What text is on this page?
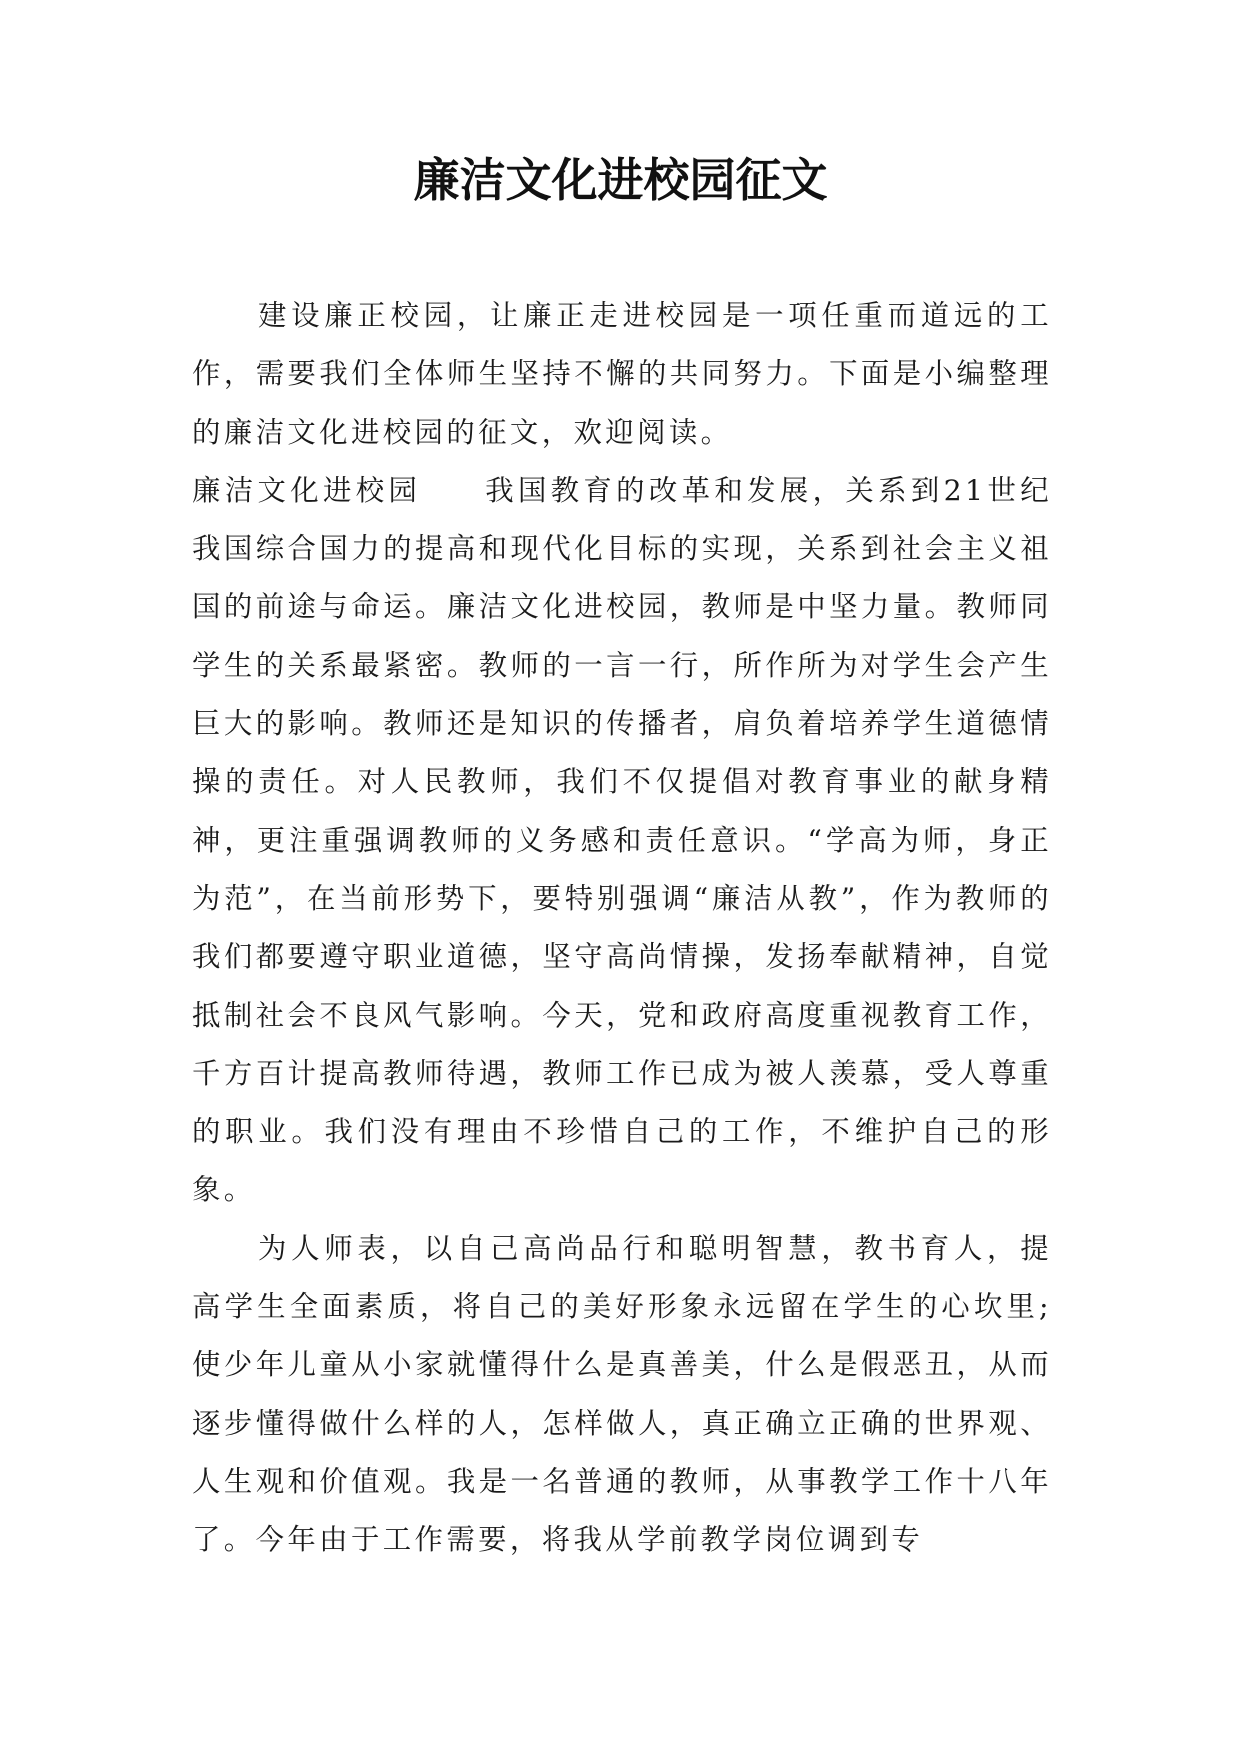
廉洁文化进校园征文

建设廉正校园，让廉正走进校园是一项任重而道远的工作，需要我们全体师生坚持不懈的共同努力。下面是小编整理的廉洁文化进校园的征文，欢迎阅读。

廉洁文化进校园 我国教育的改革和发展，关系到21世纪我国综合国力的提高和现代化目标的实现，关系到社会主义祖国的前途与命运。廉洁文化进校园，教师是中坚力量。教师同学生的关系最紧密。教师的一言一行，所作所为对学生会产生巨大的影响。教师还是知识的传播者，肩负着培养学生道德情操的责任。对人民教师，我们不仅提倡对教育事业的献身精神，更注重强调教师的义务感和责任意识。“学高为师，身正为范”，在当前形势下，要特别强调“廉洁从教”，作为教师的我们都要遵守职业道德，坚守高尚情操，发扬奉献精神，自觉抵制社会不良风气影响。今天，党和政府高度重视教育工作，千方百计提高教师待遇，教师工作已成为被人羡慕，受人尊重的职业。我们没有理由不珍惜自己的工作，不维护自己的形象。

为人师表，以自己高尚品行和聪明智慧，教书育人，提高学生全面素质，将自己的美好形象永远留在学生的心坎里;使少年儿童从小家就懂得什么是真善美，什么是假恶丑，从而逐步懂得做什么样的人，怎样做人，真正确立正确的世界观、人生观和价值观。我是一名普通的教师，从事教学工作十八年了。今年由于工作需要，将我从学前教学岗位调到专
